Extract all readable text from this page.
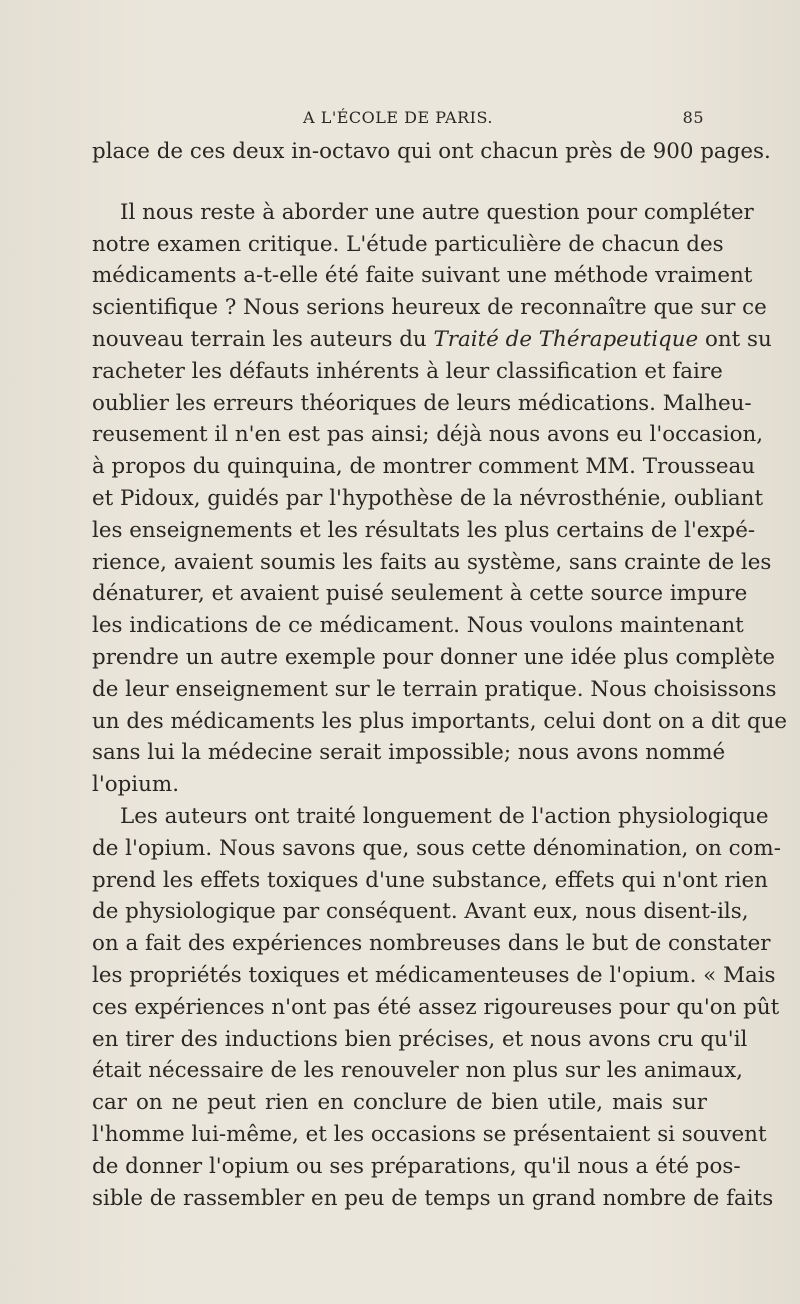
A L'ÉCOLE DE PARIS.	85
place de ces deux in-octavo qui ont chacun près de 900 pages.
Il nous reste à aborder une autre question pour compléter
notre examen critique. L'étude particulière de chacun des
médicaments a-t-elle été faite suivant une méthode vraiment
scientifique ? Nous serions heureux de reconnaître que sur ce
nouveau terrain les auteurs du Traité de Thérapeutique ont su
racheter les défauts inhérents à leur classification et faire
oublier les erreurs théoriques de leurs médications. Malheu-
reusement il n'en est pas ainsi; déjà nous avons eu l'occasion,
à propos du quinquina, de montrer comment MM. Trousseau
et Pidoux, guidés par l'hypothèse de la névrosthénie, oubliant
les enseignements et les résultats les plus certains de l'expé-
rience, avaient soumis les faits au système, sans crainte de les
dénaturer, et avaient puisé seulement à cette source impure
les indications de ce médicament. Nous voulons maintenant
prendre un autre exemple pour donner une idée plus complète
de leur enseignement sur le terrain pratique. Nous choisissons
un des médicaments les plus importants, celui dont on a dit que
sans lui la médecine serait impossible; nous avons nommé
l'opium.
Les auteurs ont traité longuement de l'action physiologique
de l'opium. Nous savons que, sous cette dénomination, on com-
prend les effets toxiques d'une substance, effets qui n'ont rien
de physiologique par conséquent. Avant eux, nous disent-ils,
on a fait des expériences nombreuses dans le but de constater
les propriétés toxiques et médicamenteuses de l'opium. « Mais
ces expériences n'ont pas été assez rigoureuses pour qu'on pût
en tirer des inductions bien précises, et nous avons cru qu'il
était nécessaire de les renouveler non plus sur les animaux,
car on ne peut rien en conclure de bien utile, mais sur
l'homme lui-même, et les occasions se présentaient si souvent
de donner l'opium ou ses préparations, qu'il nous a été pos-
sible de rassembler en peu de temps un grand nombre de faits
